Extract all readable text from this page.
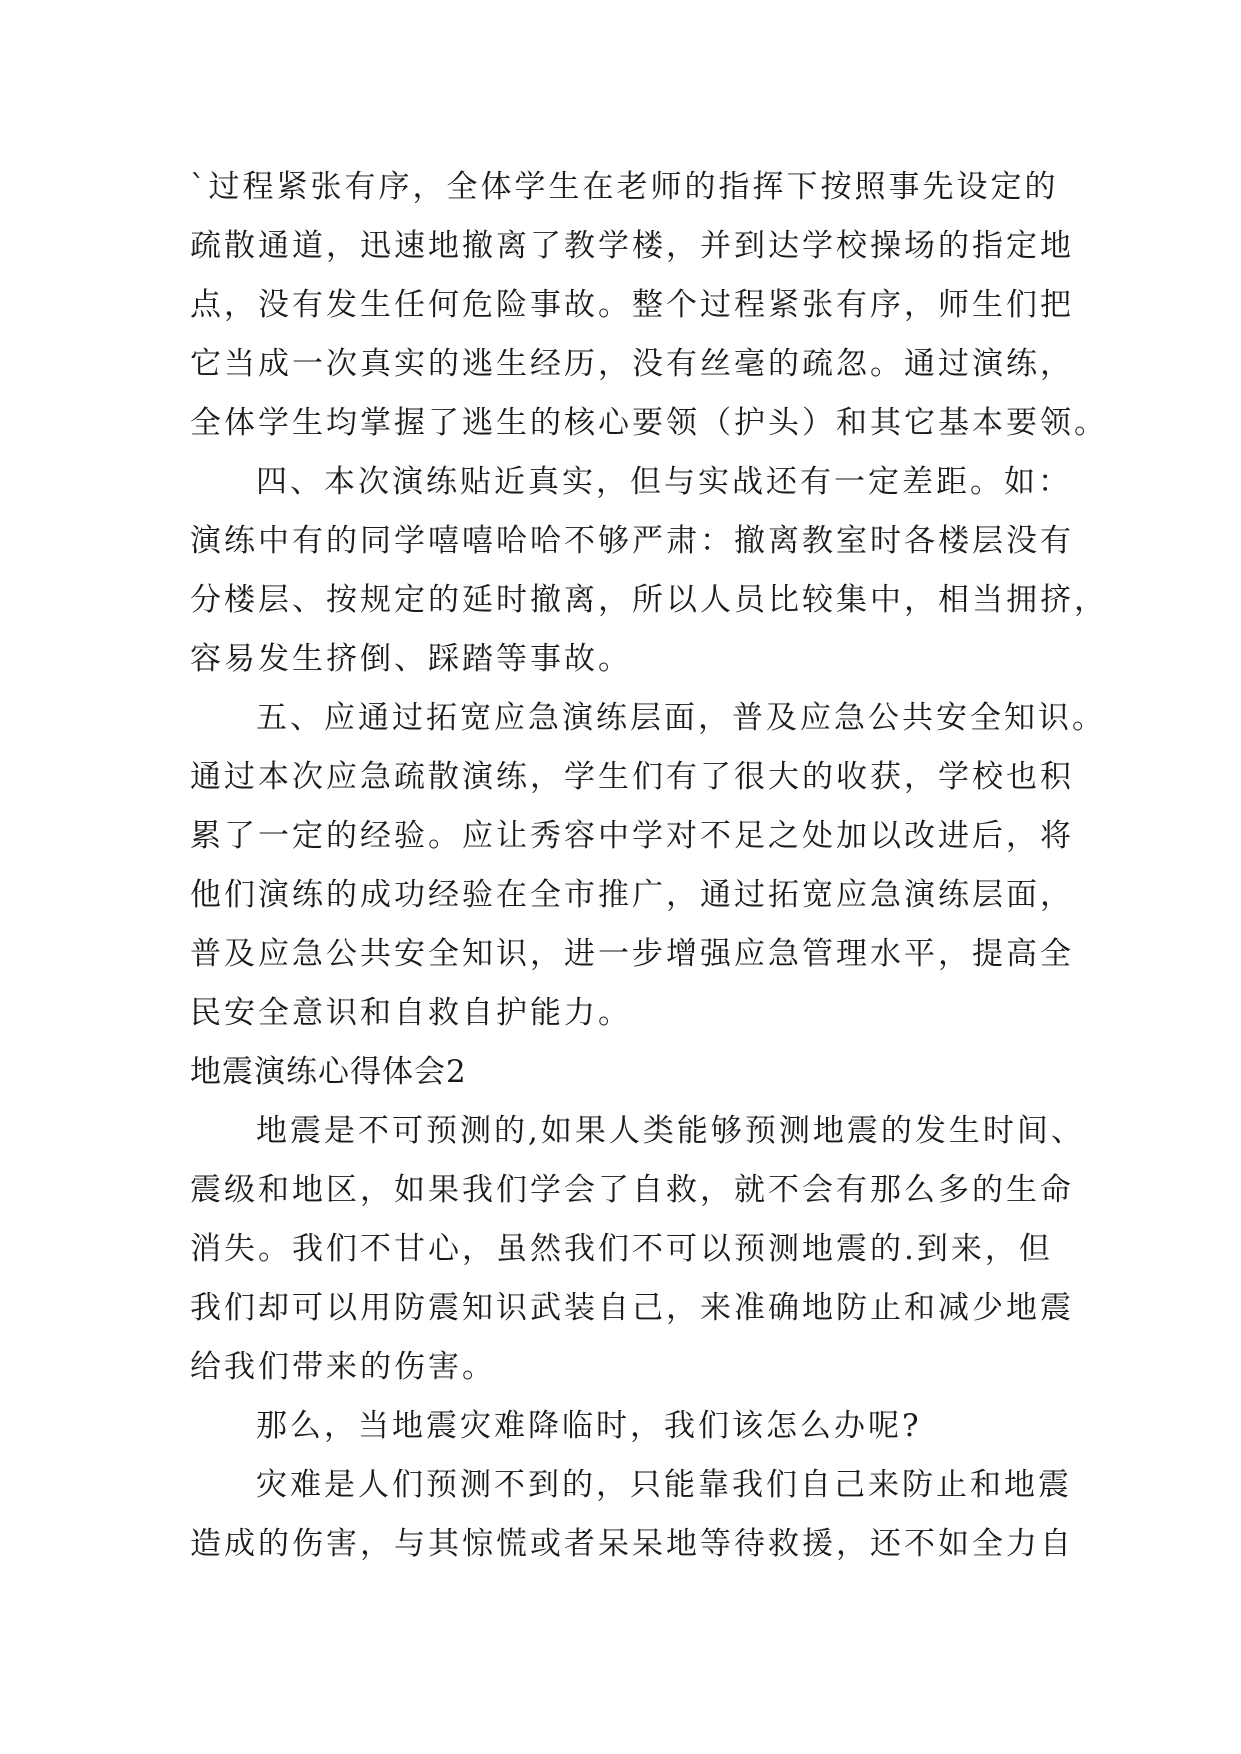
`过程紧张有序，全体学生在老师的指挥下按照事先设定的
疏散通道，迅速地撤离了教学楼，并到达学校操场的指定地
点，没有发生任何危险事故。整个过程紧张有序，师生们把
它当成一次真实的逃生经历，没有丝毫的疏忽。通过演练，
全体学生均掌握了逃生的核心要领（护头）和其它基本要领。
四、本次演练贴近真实，但与实战还有一定差距。如：
演练中有的同学嘻嘻哈哈不够严肃：撤离教室时各楼层没有
分楼层、按规定的延时撤离，所以人员比较集中，相当拥挤，
容易发生挤倒、踩踏等事故。
五、应通过拓宽应急演练层面，普及应急公共安全知识。
通过本次应急疏散演练，学生们有了很大的收获，学校也积
累了一定的经验。应让秀容中学对不足之处加以改进后，将
他们演练的成功经验在全市推广，通过拓宽应急演练层面，
普及应急公共安全知识，进一步增强应急管理水平，提高全
民安全意识和自救自护能力。
地震演练心得体会2
地震是不可预测的,如果人类能够预测地震的发生时间、
震级和地区，如果我们学会了自救，就不会有那么多的生命
消失。我们不甘心，虽然我们不可以预测地震的.到来，但
我们却可以用防震知识武装自己，来准确地防止和减少地震
给我们带来的伤害。
那么，当地震灾难降临时，我们该怎么办呢?
灾难是人们预测不到的，只能靠我们自己来防止和地震
造成的伤害，与其惊慌或者呆呆地等待救援，还不如全力自
